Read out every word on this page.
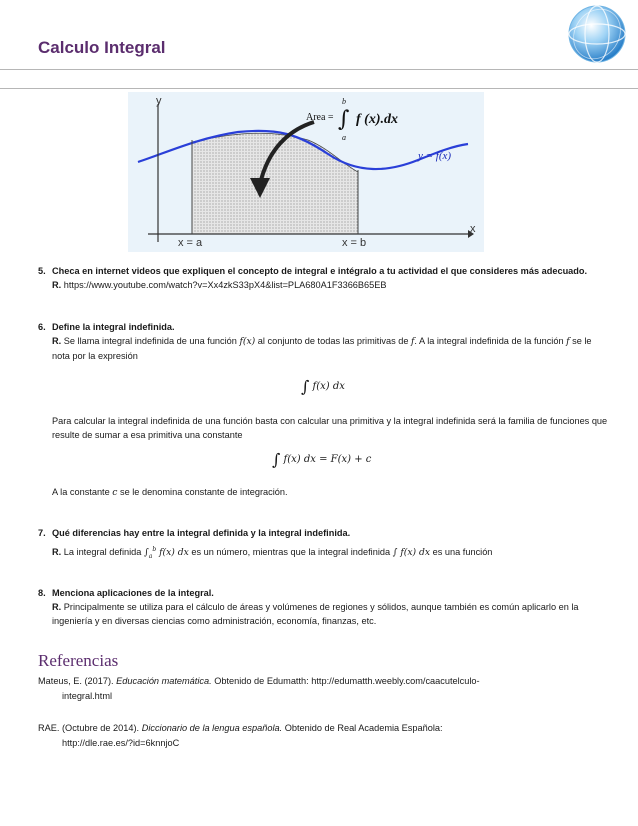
Calculo Integral
y
x
Area =
b
∫
a
f (x).dx
y = f(x)
x = a	x = b
5. Checa en internet videos que expliquen el concepto de integral e intégralo a tu actividad el que consideres más adecuado.
R. https://www.youtube.com/watch?v=Xx4zkS33pX4&list=PLA680A1F3366B65EB
6. Define la integral indefinida.
R. Se llama integral indefinida de una función f(x) al conjunto de todas las primitivas de f. A la integral indefinida de la función f se le nota por la expresión
∫ f(x) dx
Para calcular la integral indefinida de una función basta con calcular una primitiva y la integral indefinida será la familia de funciones que resulte de sumar a esa primitiva una constante
∫ f(x) dx = F(x) + c
A la constante c se le denomina constante de integración.
7. Qué diferencias hay entre la integral definida y la integral indefinida.
R. La integral definida $\int_a^b$ f(x) dx es un número, mientras que la integral indefinida ∫ f(x) dx es una función
8. Menciona aplicaciones de la integral.
R. Principalmente se utiliza para el cálculo de áreas y volúmenes de regiones y sólidos, aunque también es común aplicarlo en la ingeniería y en diversas ciencias como administración, economía, finanzas, etc.
Referencias
Mateus, E. (2017). Educación matemática. Obtenido de Edumatth: http://edumatth.weebly.com/caacutelculo-
integral.html
RAE. (Octubre de 2014). Diccionario de la lengua española. Obtenido de Real Academia Española:
http://dle.rae.es/?id=6knnjoC
